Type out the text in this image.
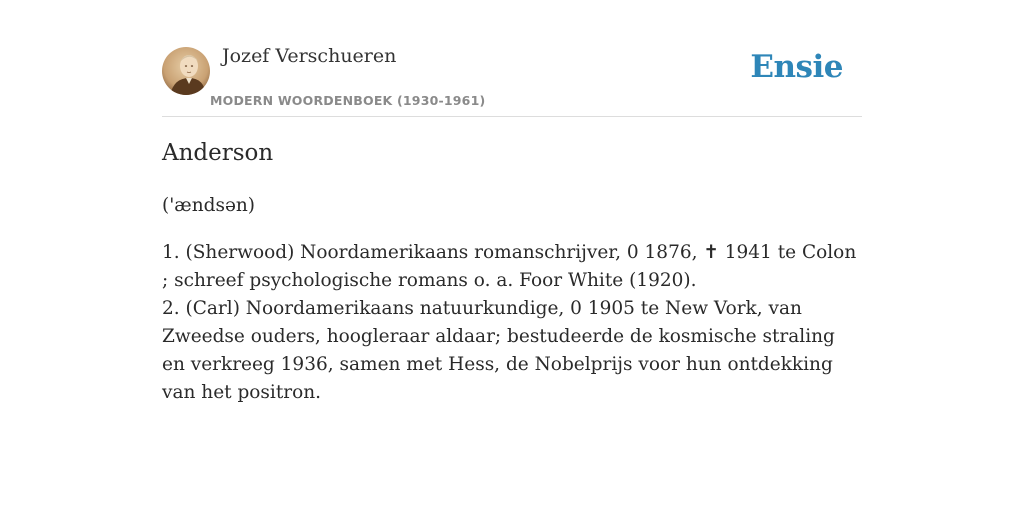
Jozef Verschueren
MODERN WOORDENBOEK (1930-1961)
Ensie
Anderson
('ændsən)

1. (Sherwood) Noordamerikaans romanschrijver, 0 1876, ✝ 1941 te Colon ; schreef psychologische romans o. a. Foor White (1920).

2. (Carl) Noordamerikaans natuurkundige, 0 1905 te New Vork, van Zweedse ouders, hoogleraar aldaar; bestudeerde de kosmische straling en verkreeg 1936, samen met Hess, de Nobelprijs voor hun ontdekking van het positron.
